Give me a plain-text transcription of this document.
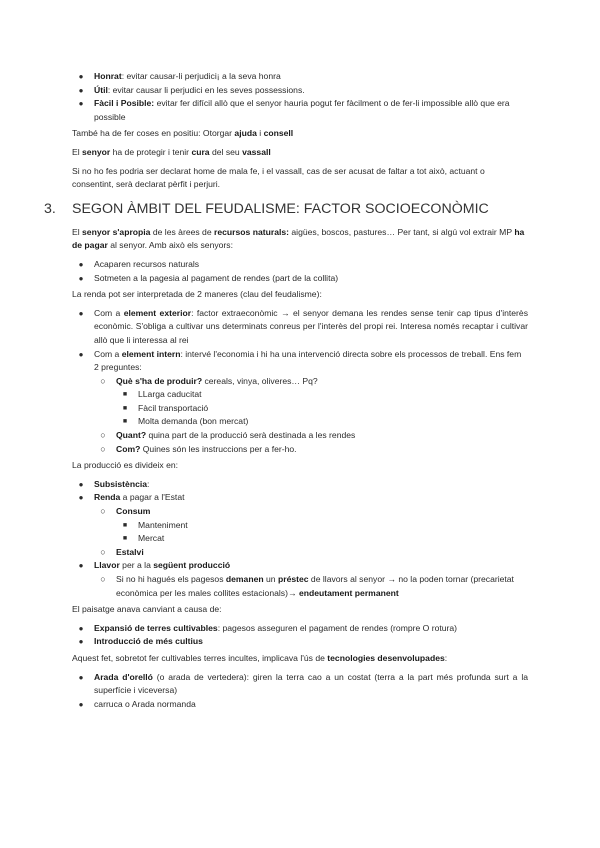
● Honrat: evitar causar-li perjudici¡ a la seva honra
● Útil: evitar causar li perjudici en les seves possessions.
● Fàcil i Posible: evitar fer difícil allò que el senyor hauria pogut fer fàcilment o de fer-li impossible allò que era possible

També ha de fer coses en positiu: Otorgar ajuda i consell

El senyor ha de protegir i tenir cura del seu vassall

Si no ho fes podria ser declarat home de mala fe, i el vassall, cas de ser acusat de faltar a tot això, actuant o consentint, serà declarat pèrfit i perjuri.

3. SEGON ÀMBIT DEL FEUDALISME: FACTOR SOCIOECONÒMIC

El senyor s'apropia de les àrees de recursos naturals: aigües, boscos, pastures… Per tant, si algú vol extrair MP ha de pagar al senyor. Amb això els senyors:

● Acaparen recursos naturals
● Sotmeten a la pagesia al pagament de rendes (part de la collita)

La renda pot ser interpretada de 2 maneres (clau del feudalisme):

● Com a element exterior: factor extraeconòmic → el senyor demana les rendes sense tenir cap tipus d'interès econòmic. S'obliga a cultivar uns determinats conreus per l'interès del propi rei. Interesa només recaptar i cultivar allò que li interessa al rei
● Com a element intern: intervé l'economia i hi ha una intervenció directa sobre els processos de treball. Ens fem 2 preguntes:
○ Què s'ha de produir? cereals, vinya, oliveres… Pq?
■	LLarga caducitat
■	Fàcil transportació
■	Molta demanda (bon mercat)
○ Quant? quina part de la producció serà destinada a les rendes
○ Com? Quines són les instruccions per a fer-ho.

La producció es divideix en:

● Subsistència:
● Renda a pagar a l'Estat
○ Consum
■	Manteniment
■	Mercat
○ Estalvi
● Llavor per a la següent producció
○ Si no hi hagués els pagesos demanen un préstec de llavors al senyor → no la poden tornar (precarietat econòmica per les males collites estacionals)→ endeutament permanent

El paisatge anava canviant a causa de:

● Expansió de terres cultivables: pagesos asseguren el pagament de rendes (rompre O rotura)
● Introducció de més cultius

Aquest fet, sobretot fer cultivables terres incultes, implicava l'ús de tecnologies desenvolupades:

● Arada d'orelló (o arada de vertedera): giren la terra cao a un costat (terra a la part més profunda surt a la superfície i viceversa)
● carruca o Arada normanda
